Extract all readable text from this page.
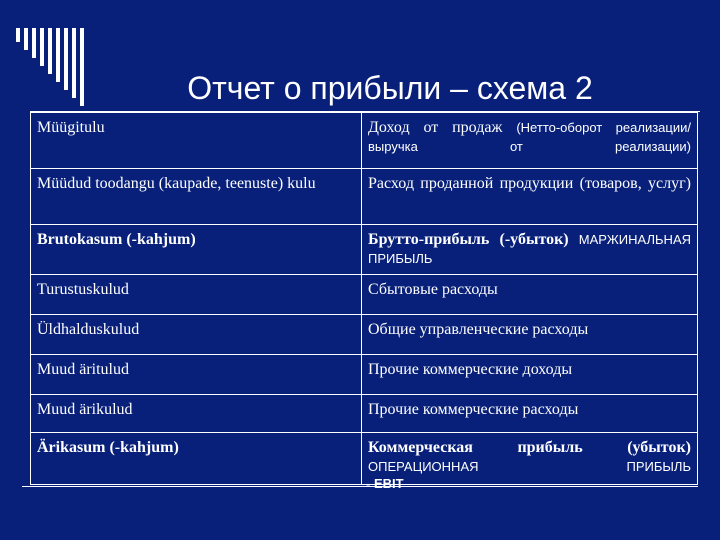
Отчет о прибыли – схема 2
Müügitulu	Доход от продаж (Нетто-оборот реализации/выручка от реализации)
Müüdud toodangu (kaupade, teenuste) kulu	Расход проданной продукции (товаров, услуг)
Brutokasum (-kahjum)	Брутто-прибыль (-убыток) МАРЖИНАЛЬНАЯ ПРИБЫЛЬ
Turustuskulud	Сбытовые расходы
Üldhalduskulud	Общие управленческие расходы
Muud äritulud	Прочие коммерческие доходы
Muud ärikulud	Прочие коммерческие расходы
Ärikasum (-kahjum)	Коммерческая прибыль (убыток) ОПЕРАЦИОННАЯ ПРИБЫЛЬ
- EBIT
